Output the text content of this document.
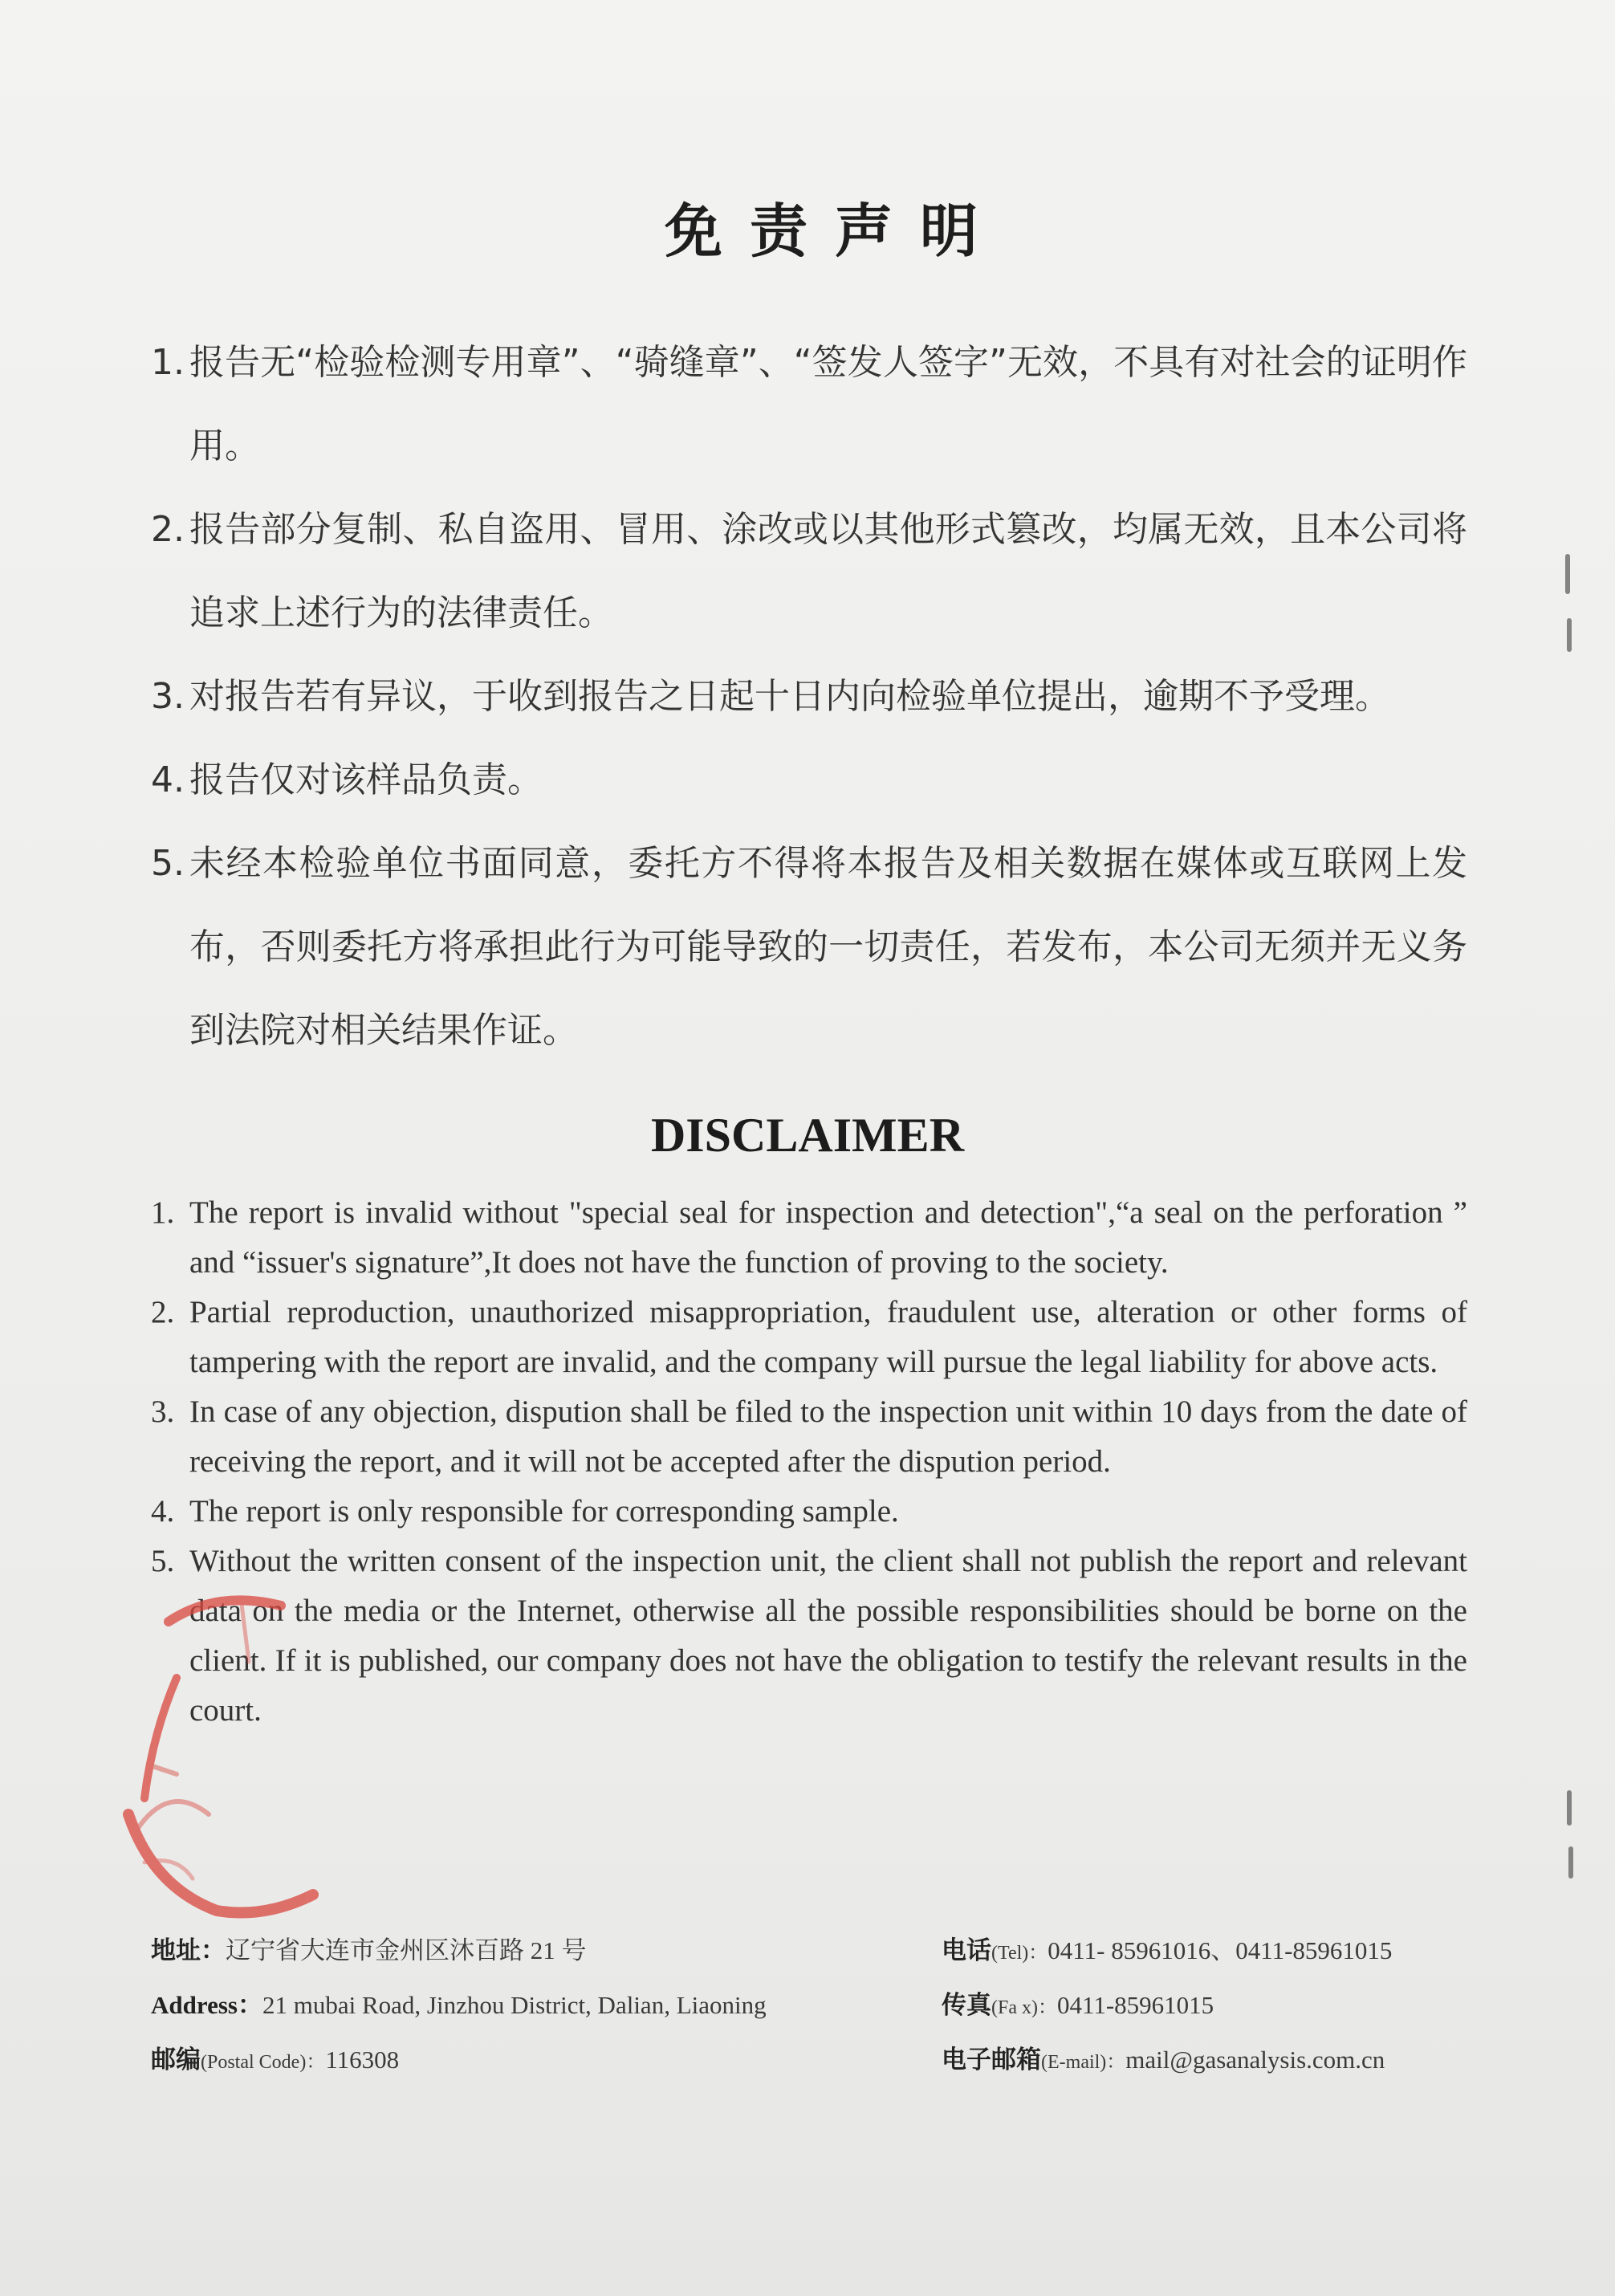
免责声明
1. 报告无“检验检测专用章”、“骑缝章”、“签发人签字”无效，不具有对社会的证明作用。
2. 报告部分复制、私自盗用、冒用、涂改或以其他形式篡改，均属无效，且本公司将追求上述行为的法律责任。
3. 对报告若有异议，于收到报告之日起十日内向检验单位提出，逾期不予受理。
4. 报告仅对该样品负责。
5. 未经本检验单位书面同意，委托方不得将本报告及相关数据在媒体或互联网上发布，否则委托方将承担此行为可能导致的一切责任，若发布，本公司无须并无义务到法院对相关结果作证。
DISCLAIMER
1. The report is invalid without "special seal for inspection and detection",“a seal on the perforation ” and “issuer's signature”,It does not have the function of proving to the society.
2. Partial reproduction, unauthorized misappropriation, fraudulent use, alteration or other forms of tampering with the report are invalid, and the company will pursue the legal liability for above acts.
3. In case of any objection, dispution shall be filed to the inspection unit within 10 days from the date of receiving the report, and it will not be accepted after the dispution period.
4. The report is only responsible for corresponding sample.
5. Without the written consent of the inspection unit, the client shall not publish the report and relevant data on the media or the Internet, otherwise all the possible responsibilities should be borne on the client. If it is published, our company does not have the obligation to testify the relevant results in the court.
地址：辽宁省大连市金州区沐百路 21 号	电话(Tel)：0411- 85961016、0411-85961015
Address：21 mubai Road, Jinzhou District, Dalian, Liaoning	传真(Fa x)：0411-85961015
邮编(Postal Code)：116308	电子邮箱(E-mail)：mail@gasanalysis.com.cn
